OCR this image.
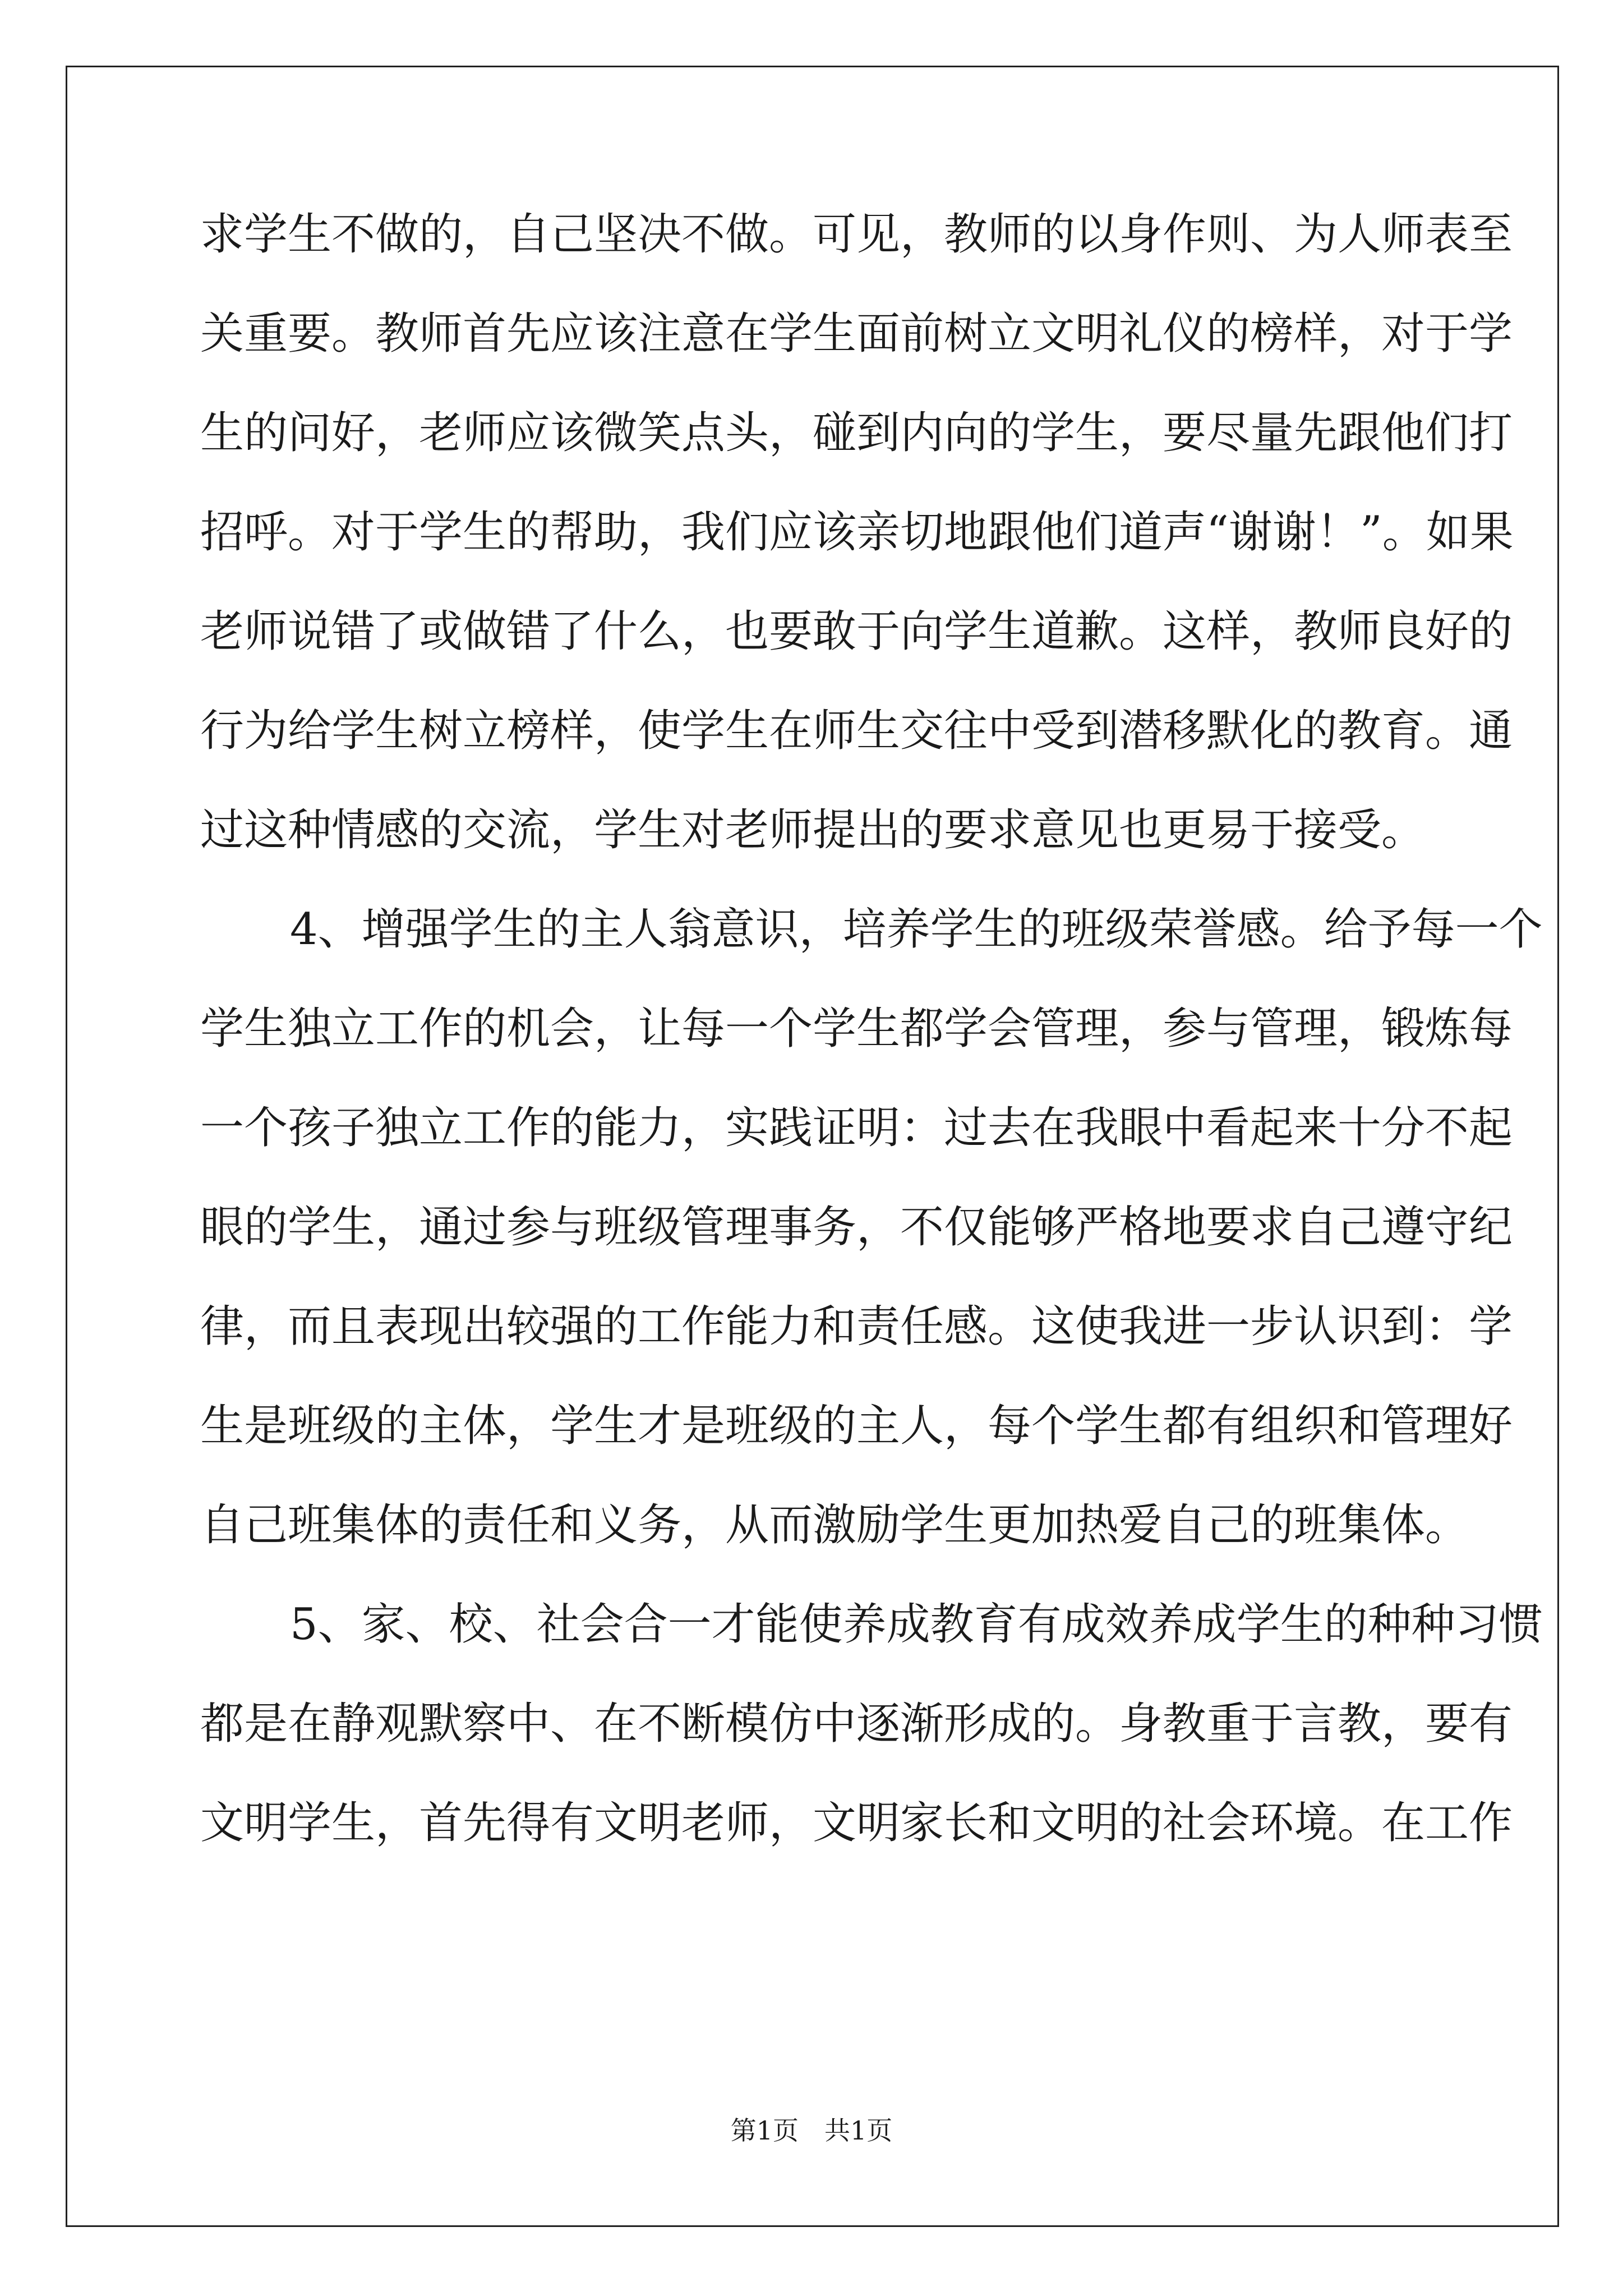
求学生不做的，自己坚决不做。可见，教师的以身作则、为人师表至
关重要。教师首先应该注意在学生面前树立文明礼仪的榜样，对于学
生的问好，老师应该微笑点头，碰到内向的学生，要尽量先跟他们打
招呼。对于学生的帮助，我们应该亲切地跟他们道声“谢谢！”。如果
老师说错了或做错了什么，也要敢于向学生道歉。这样，教师良好的
行为给学生树立榜样，使学生在师生交往中受到潜移默化的教育。通
过这种情感的交流，学生对老师提出的要求意见也更易于接受。
4、增强学生的主人翁意识，培养学生的班级荣誉感。给予每一个
学生独立工作的机会，让每一个学生都学会管理，参与管理，锻炼每
一个孩子独立工作的能力，实践证明：过去在我眼中看起来十分不起
眼的学生，通过参与班级管理事务，不仅能够严格地要求自己遵守纪
律，而且表现出较强的工作能力和责任感。这使我进一步认识到：学
生是班级的主体，学生才是班级的主人，每个学生都有组织和管理好
自己班集体的责任和义务，从而激励学生更加热爱自己的班集体。
5、家、校、社会合一才能使养成教育有成效养成学生的种种习惯
都是在静观默察中、在不断模仿中逐渐形成的。身教重于言教，要有
文明学生，首先得有文明老师，文明家长和文明的社会环境。在工作
第1页 共1页
